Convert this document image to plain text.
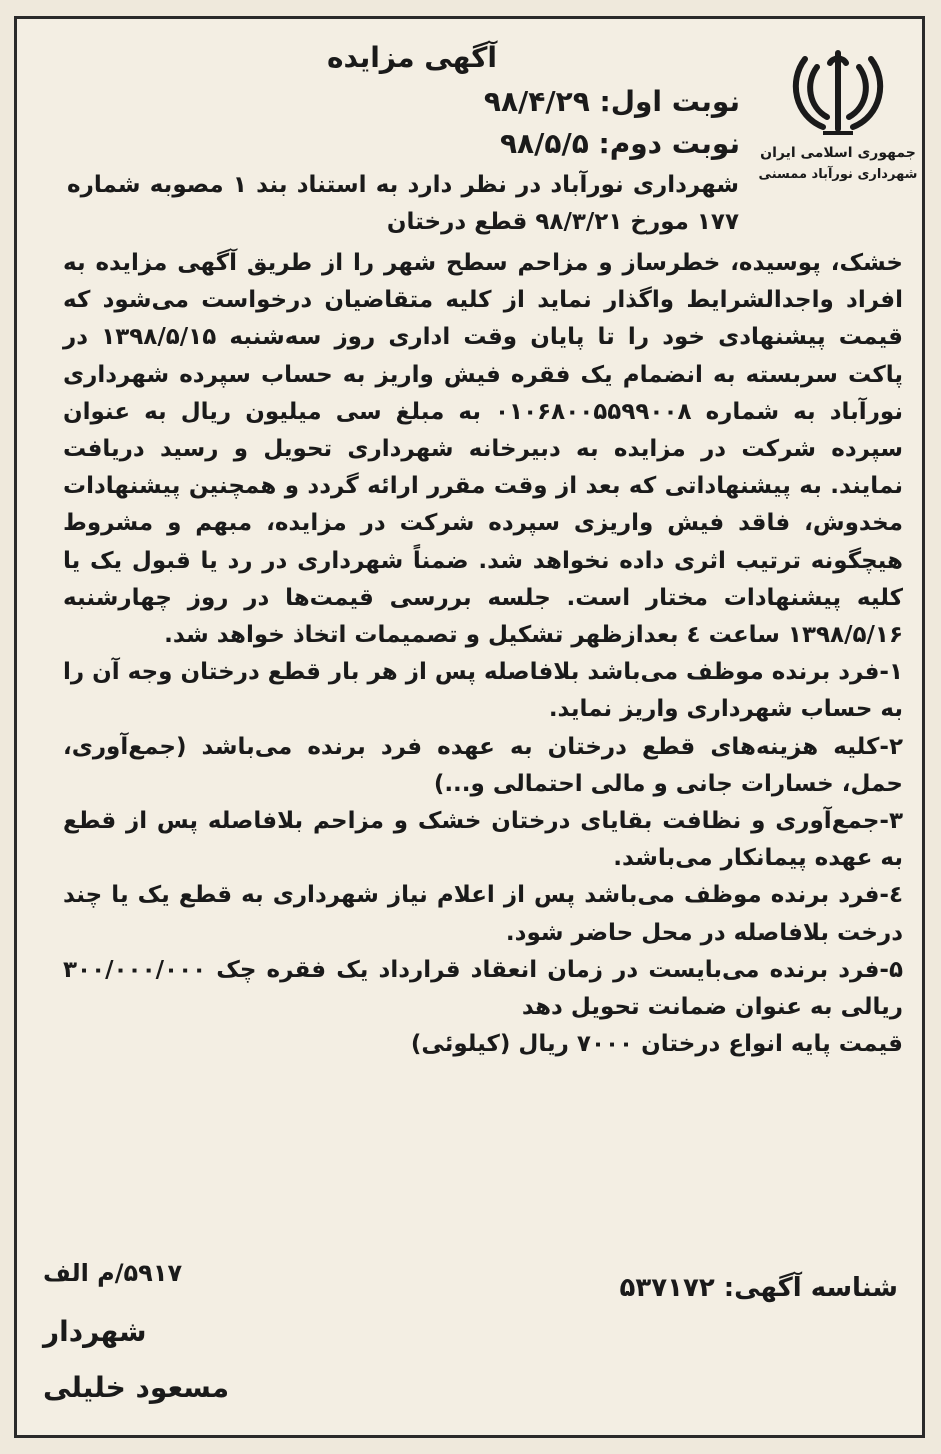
آگهی مزایده
نوبت اول: ۹۸/۴/۲۹
نوبت دوم: ۹۸/۵/۵	جمهوری اسلامی ایران
شهرداری نورآباد ممسنی
شهرداری نورآباد در نظر دارد به استناد بند ۱ مصوبه شماره ۱۷۷ مورخ ۹۸/۳/۲۱ قطع درختان

خشک، پوسیده، خطرساز و مزاحم سطح شهر را از طریق آگهی مزایده به افراد واجدالشرایط واگذار نماید از کلیه متقاضیان درخواست می‌شود که قیمت پیشنهادی خود را تا پایان وقت اداری روز سه‌شنبه ۱۳۹۸/۵/۱۵ در پاکت سربسته به انضمام یک فقره فیش واریز به حساب سپرده شهرداری نورآباد به شماره ۰۱۰۶۸۰۰۵۵۹۹۰۰۸ به مبلغ سی میلیون ریال به عنوان سپرده شرکت در مزایده به دبیرخانه شهرداری تحویل و رسید دریافت نمایند. به پیشنهاداتی که بعد از وقت مقرر ارائه گردد و همچنین پیشنهادات مخدوش، فاقد فیش واریزی سپرده شرکت در مزایده، مبهم و مشروط هیچگونه ترتیب اثری داده نخواهد شد. ضمناً شهرداری در رد یا قبول یک یا کلیه پیشنهادات مختار است. جلسه بررسی قیمت‌ها در روز چهارشنبه ۱۳۹۸/۵/۱۶ ساعت ٤ بعدازظهر تشکیل و تصمیمات اتخاذ خواهد شد.

۱-فرد برنده موظف می‌باشد بلافاصله پس از هر بار قطع درختان وجه آن را به حساب شهرداری واریز نماید.

۲-کلیه هزینه‌های قطع درختان به عهده فرد برنده می‌باشد (جمع‌آوری، حمل، خسارات جانی و مالی احتمالی و...)

۳-جمع‌آوری و نظافت بقایای درختان خشک و مزاحم بلافاصله پس از قطع به عهده پیمانکار می‌باشد.

٤-فرد برنده موظف می‌باشد پس از اعلام نیاز شهرداری به قطع یک یا چند درخت بلافاصله در محل حاضر شود.

۵-فرد برنده می‌بایست در زمان انعقاد قرارداد یک فقره چک ۳۰۰/۰۰۰/۰۰۰ ریالی به عنوان ضمانت تحویل دهد

قیمت پایه انواع درختان ۷۰۰۰ ریال (کیلوئی)

شناسه آگهی: ۵۳۷۱۷۲
۵۹۱۷/م الف
شهردار
مسعود خلیلی
